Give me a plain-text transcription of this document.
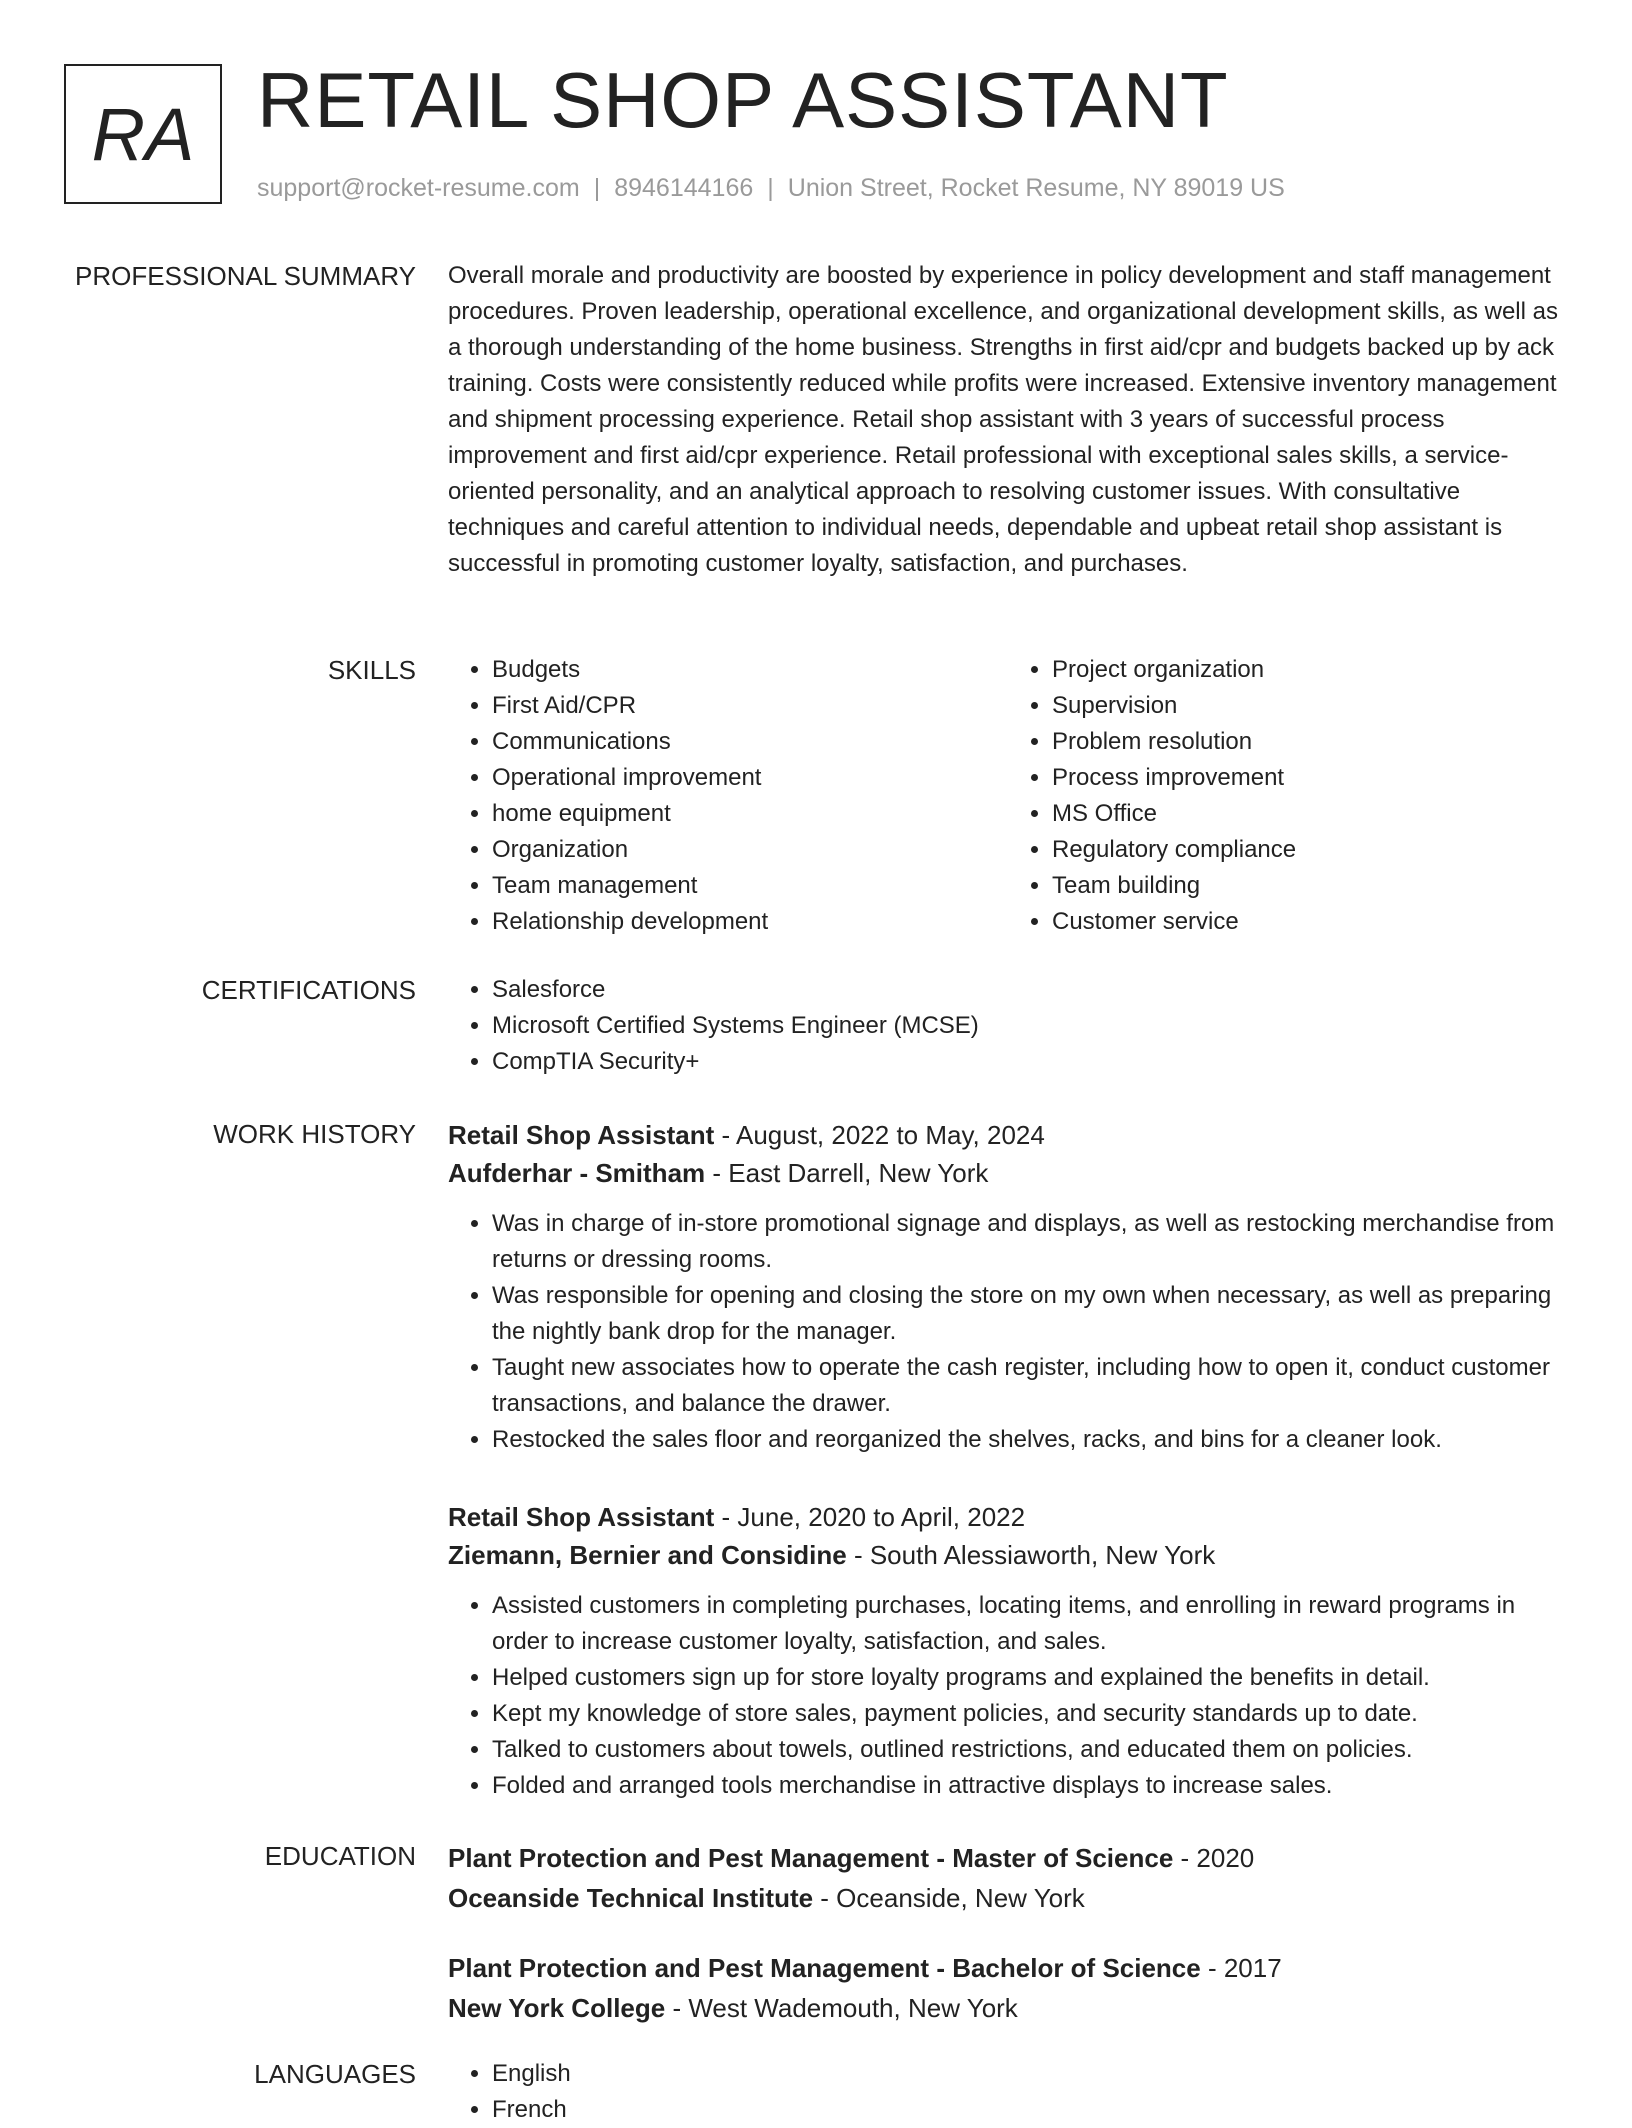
RA RETAIL SHOP ASSISTANT
support@rocket-resume.com | 8946144166 | Union Street, Rocket Resume, NY 89019 US
PROFESSIONAL SUMMARY Overall morale and productivity are boosted by experience in policy development and staff management procedures. Proven leadership, operational excellence, and organizational development skills, as well as a thorough understanding of the home business. Strengths in first aid/cpr and budgets backed up by ack training. Costs were consistently reduced while profits were increased. Extensive inventory management and shipment processing experience. Retail shop assistant with 3 years of successful process improvement and first aid/cpr experience. Retail professional with exceptional sales skills, a service-oriented personality, and an analytical approach to resolving customer issues. With consultative techniques and careful attention to individual needs, dependable and upbeat retail shop assistant is successful in promoting customer loyalty, satisfaction, and purchases.

SKILLS	• Budgets
• First Aid/CPR
• Communications
• Operational improvement
• home equipment
• Organization
• Team management
• Relationship development
• Project organization
• Supervision
• Problem resolution
• Process improvement
• MS Office
• Regulatory compliance
• Team building
• Customer service
CERTIFICATIONS	• Salesforce
• Microsoft Certified Systems Engineer (MCSE)
• CompTIA Security+
WORK HISTORY Retail Shop Assistant - August, 2022 to May, 2024
Aufderhar - Smitham - East Darrell, New York
• Was in charge of in-store promotional signage and displays, as well as restocking merchandise from returns or dressing rooms.
• Was responsible for opening and closing the store on my own when necessary, as well as preparing the nightly bank drop for the manager.
• Taught new associates how to operate the cash register, including how to open it, conduct customer transactions, and balance the drawer.
• Restocked the sales floor and reorganized the shelves, racks, and bins for a cleaner look.
Retail Shop Assistant - June, 2020 to April, 2022
Ziemann, Bernier and Considine - South Alessiaworth, New York
• Assisted customers in completing purchases, locating items, and enrolling in reward programs in order to increase customer loyalty, satisfaction, and sales.
• Helped customers sign up for store loyalty programs and explained the benefits in detail.
• Kept my knowledge of store sales, payment policies, and security standards up to date.
• Talked to customers about towels, outlined restrictions, and educated them on policies.
• Folded and arranged tools merchandise in attractive displays to increase sales.
EDUCATION Plant Protection and Pest Management - Master of Science - 2020
Oceanside Technical Institute - Oceanside, New York
Plant Protection and Pest Management - Bachelor of Science - 2017
New York College - West Wademouth, New York
LANGUAGES	• English
• French
